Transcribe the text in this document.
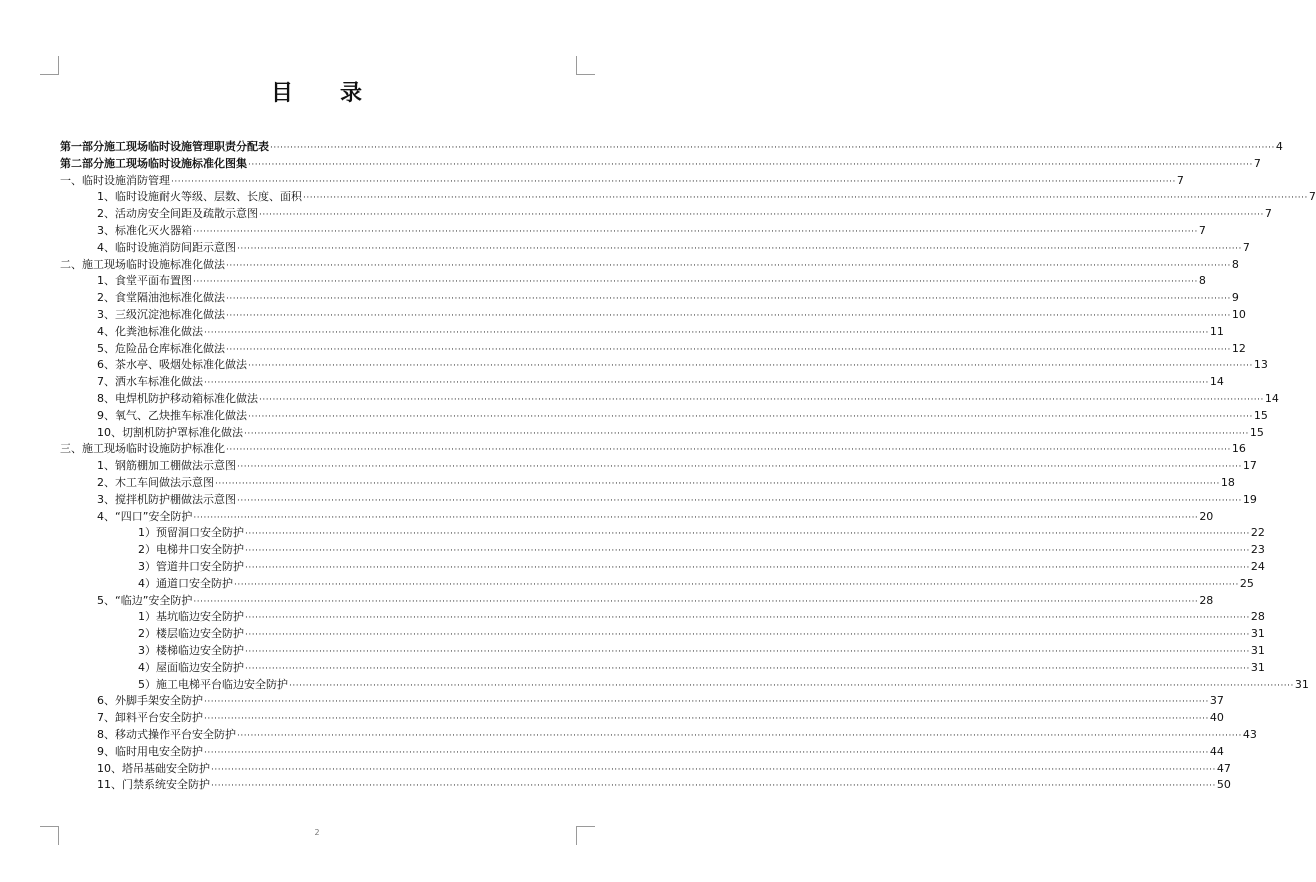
目 录
第一部分 施工现场临时设施管理职责分配表 ··········································································································································································································································································································· 4
第二部分 施工现场临时设施标准化图集 ··········································································································································································································································································································· 7
一、 临时设施消防管理 ··········································································································································································································································································································· 7
1、 临时设施耐火等级、层数、长度、面积 ··········································································································································································································································································································· 7
2、 活动房安全间距及疏散示意图 ··········································································································································································································································································································· 7
3、 标准化灭火器箱 ··········································································································································································································································································································· 7
4、 临时设施消防间距示意图 ··········································································································································································································································································································· 7
二、 施工现场临时设施标准化做法 ··········································································································································································································································································································· 8
1、 食堂平面布置图 ··········································································································································································································································································································· 8
2、 食堂隔油池标准化做法 ··········································································································································································································································································································· 9
3、 三级沉淀池标准化做法 ··········································································································································································································································································································· 10
4、 化粪池标准化做法 ··········································································································································································································································································································· 11
5、 危险品仓库标准化做法 ··········································································································································································································································································································· 12
6、 茶水亭、吸烟处标准化做法 ··········································································································································································································································································································· 13
7、 洒水车标准化做法 ··········································································································································································································································································································· 14
8、 电焊机防护移动箱标准化做法 ··········································································································································································································································································································· 14
9、 氧气、乙炔推车标准化做法 ··········································································································································································································································································································· 15
10、 切割机防护罩标准化做法 ··········································································································································································································································································································· 15
三、 施工现场临时设施防护标准化 ··········································································································································································································································································································· 16
1、 钢筋棚加工棚做法示意图 ··········································································································································································································································································································· 17
2、 木工车间做法示意图 ··········································································································································································································································································································· 18
3、 搅拌机防护棚做法示意图 ··········································································································································································································································································································· 19
4、 “四口”安全防护 ··········································································································································································································································································································· 20
1） 预留洞口安全防护 ··········································································································································································································································································································· 22
2） 电梯井口安全防护 ··········································································································································································································································································································· 23
3） 管道井口安全防护 ··········································································································································································································································································································· 24
4） 通道口安全防护 ··········································································································································································································································································································· 25
5、 “临边”安全防护 ··········································································································································································································································································································· 28
1） 基坑临边安全防护 ··········································································································································································································································································································· 28
2） 楼层临边安全防护 ··········································································································································································································································································································· 31
3） 楼梯临边安全防护 ··········································································································································································································································································································· 31
4） 屋面临边安全防护 ··········································································································································································································································································································· 31
5） 施工电梯平台临边安全防护 ··········································································································································································································································································································· 31
6、 外脚手架安全防护 ··········································································································································································································································································································· 37
7、 卸料平台安全防护 ··········································································································································································································································································································· 40
8、 移动式操作平台安全防护 ··········································································································································································································································································································· 43
9、 临时用电安全防护 ··········································································································································································································································································································· 44
10、 塔吊基础安全防护 ··········································································································································································································································································································· 47
11、 门禁系统安全防护 ··········································································································································································································································································································· 50
2
